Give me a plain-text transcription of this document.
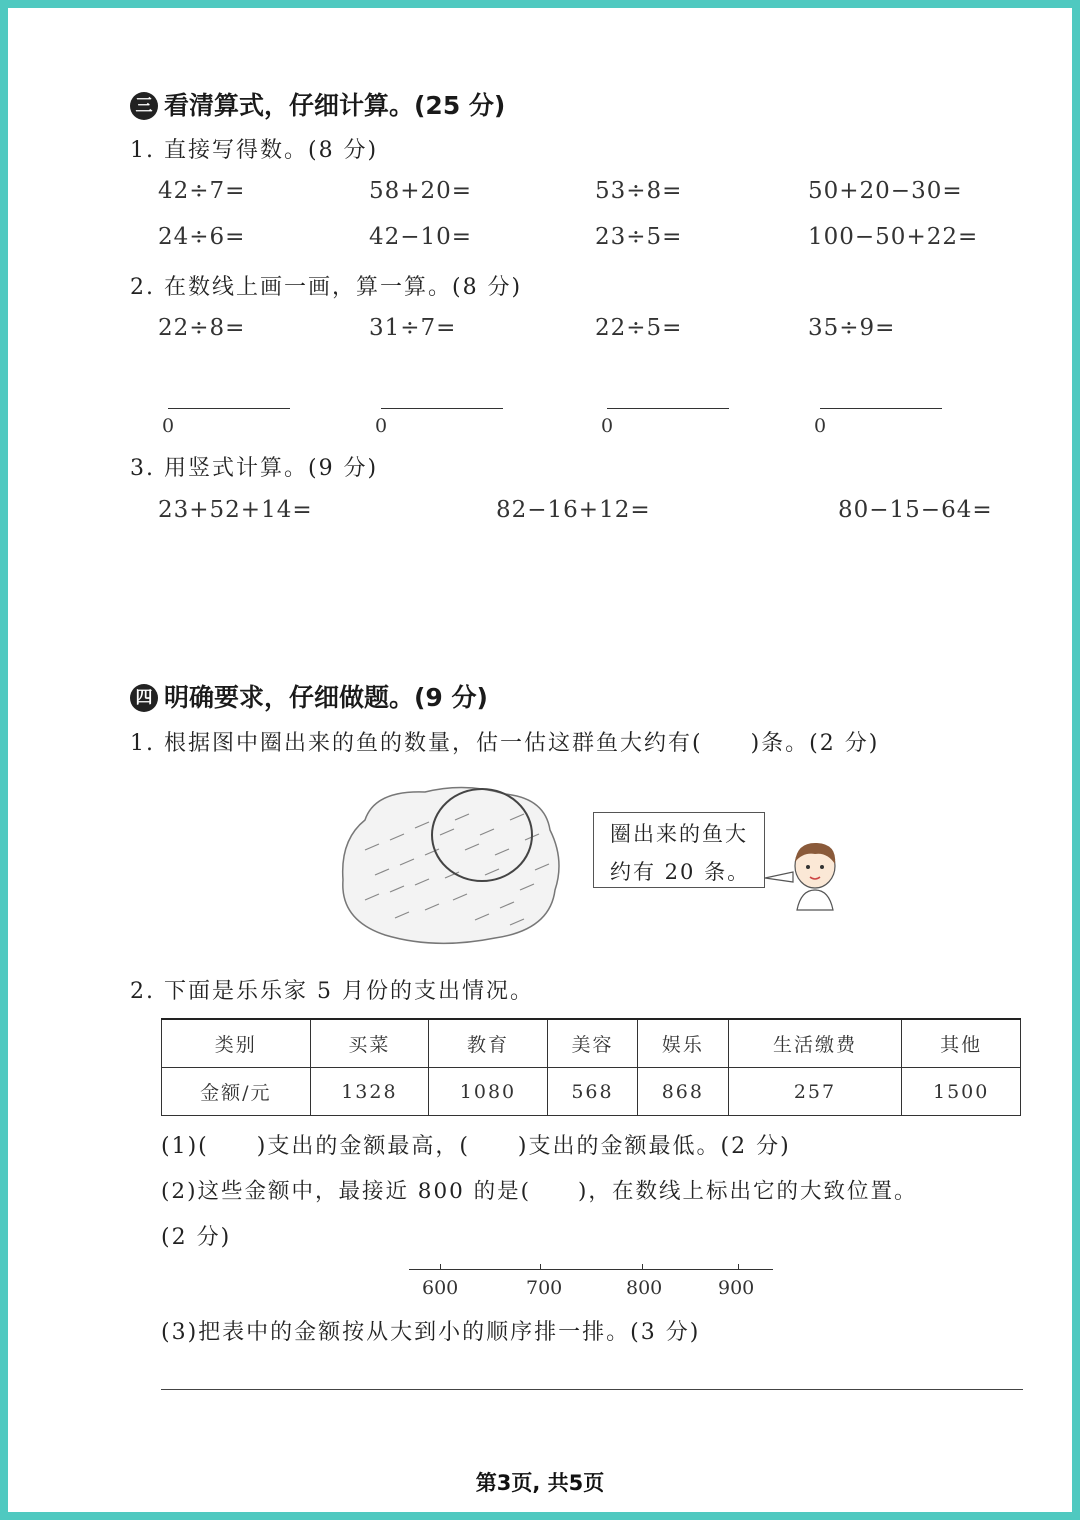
三 看清算式，仔细计算。(25 分)
1. 直接写得数。(8 分)
42÷7=	58+20=	53÷8=	50+20−30=
24÷6=	42−10=	23÷5=	100−50+22=
2. 在数线上画一画，算一算。(8 分)
22÷8=	31÷7=	22÷5=	35÷9=
0	0	0	0
3. 用竖式计算。(9 分)
23+52+14=	82−16+12=	80−15−64=
四 明确要求，仔细做题。(9 分)
1. 根据图中圈出来的鱼的数量，估一估这群鱼大约有(　　)条。(2 分)
圈出来的鱼大
约有 20 条。
2. 下面是乐乐家 5 月份的支出情况。
类别	买菜	教育	美容	娱乐	生活缴费	其他
金额/元	1328	1080	568	868	257	1500
(1)(　　)支出的金额最高，(　　)支出的金额最低。(2 分)
(2)这些金额中，最接近 800 的是(　　)，在数线上标出它的大致位置。
(2 分)
600	700	800	900
(3)把表中的金额按从大到小的顺序排一排。(3 分)
第3页, 共5页
